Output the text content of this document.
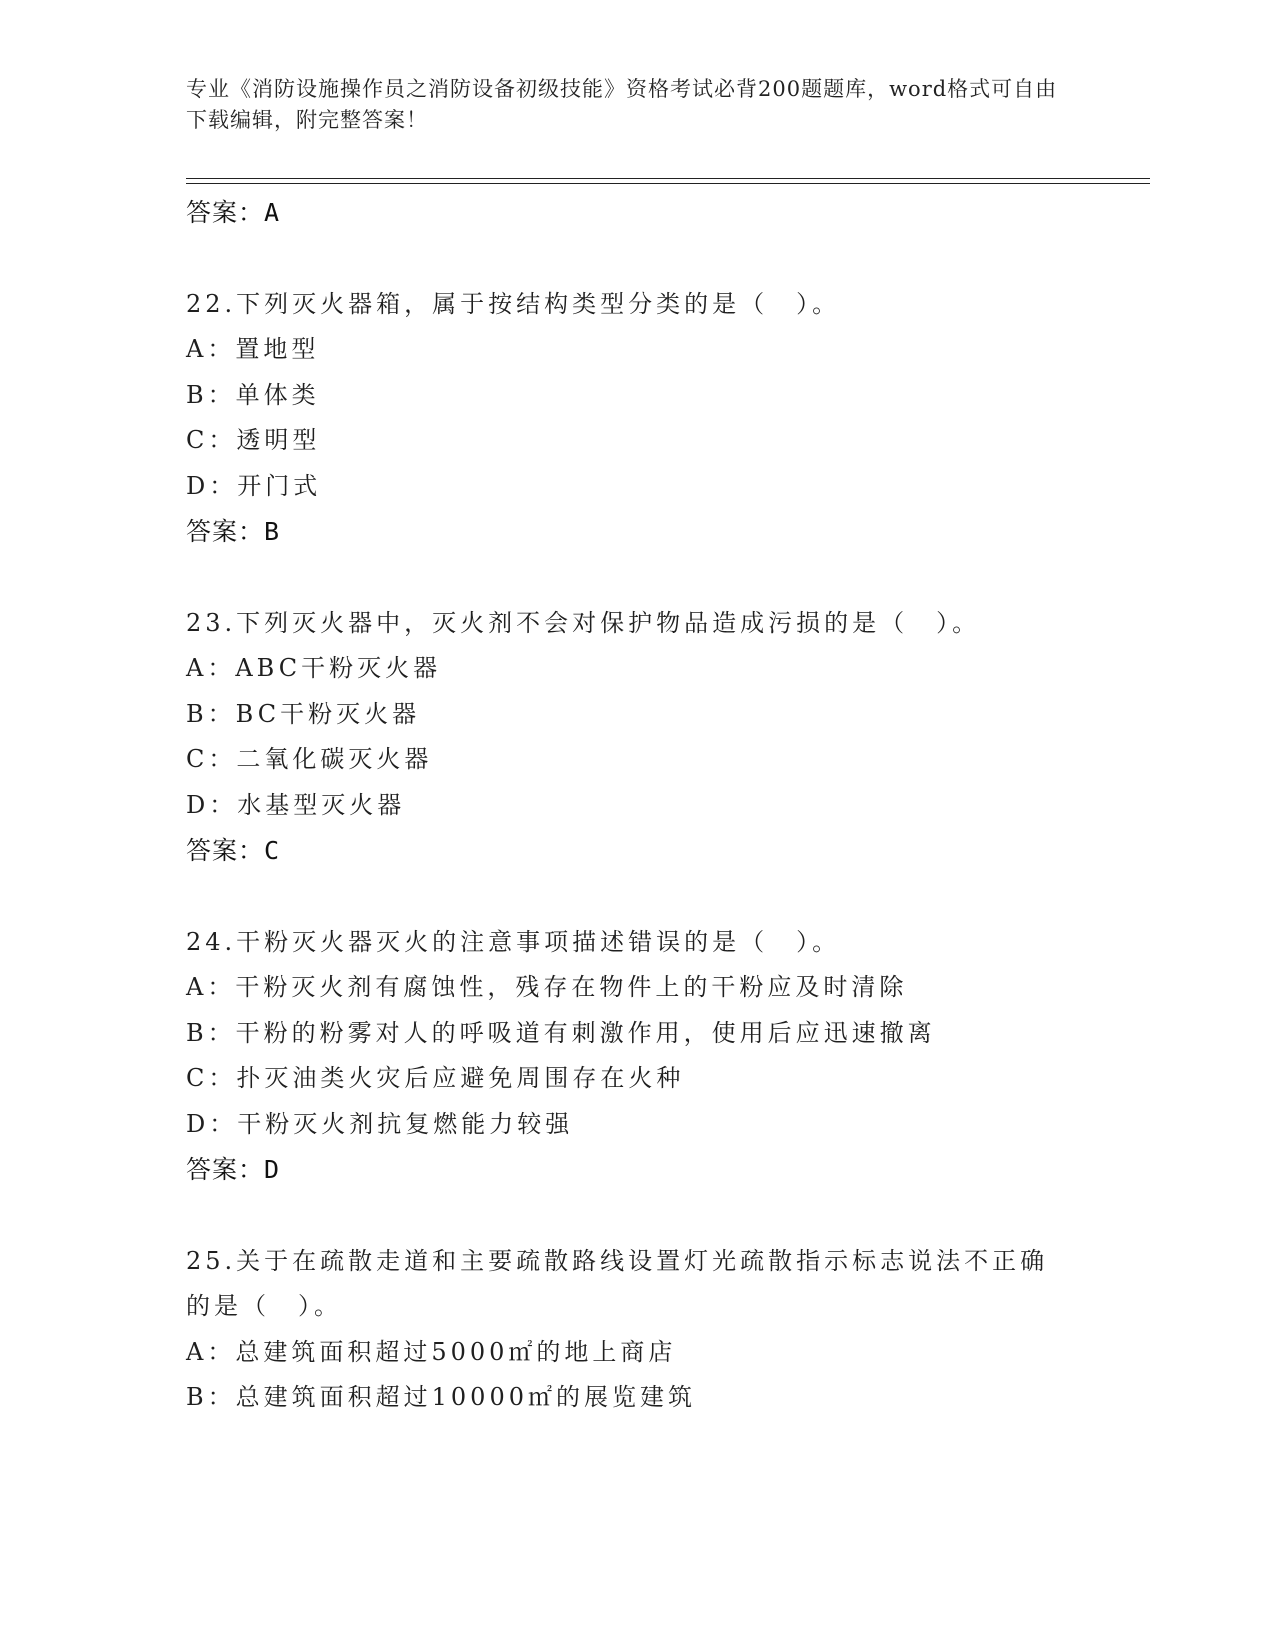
专业《消防设施操作员之消防设备初级技能》资格考试必背200题题库，word格式可自由下载编辑，附完整答案！
答案：A
22.下列灭火器箱，属于按结构类型分类的是（　）。
A：置地型
B：单体类
C：透明型
D：开门式
答案：B
23.下列灭火器中，灭火剂不会对保护物品造成污损的是（　）。
A：ABC干粉灭火器
B：BC干粉灭火器
C：二氧化碳灭火器
D：水基型灭火器
答案：C
24.干粉灭火器灭火的注意事项描述错误的是（　）。
A：干粉灭火剂有腐蚀性，残存在物件上的干粉应及时清除
B：干粉的粉雾对人的呼吸道有刺激作用，使用后应迅速撤离
C：扑灭油类火灾后应避免周围存在火种
D：干粉灭火剂抗复燃能力较强
答案：D
25.关于在疏散走道和主要疏散路线设置灯光疏散指示标志说法不正确的是（　）。
A：总建筑面积超过5000㎡的地上商店
B：总建筑面积超过10000㎡的展览建筑
